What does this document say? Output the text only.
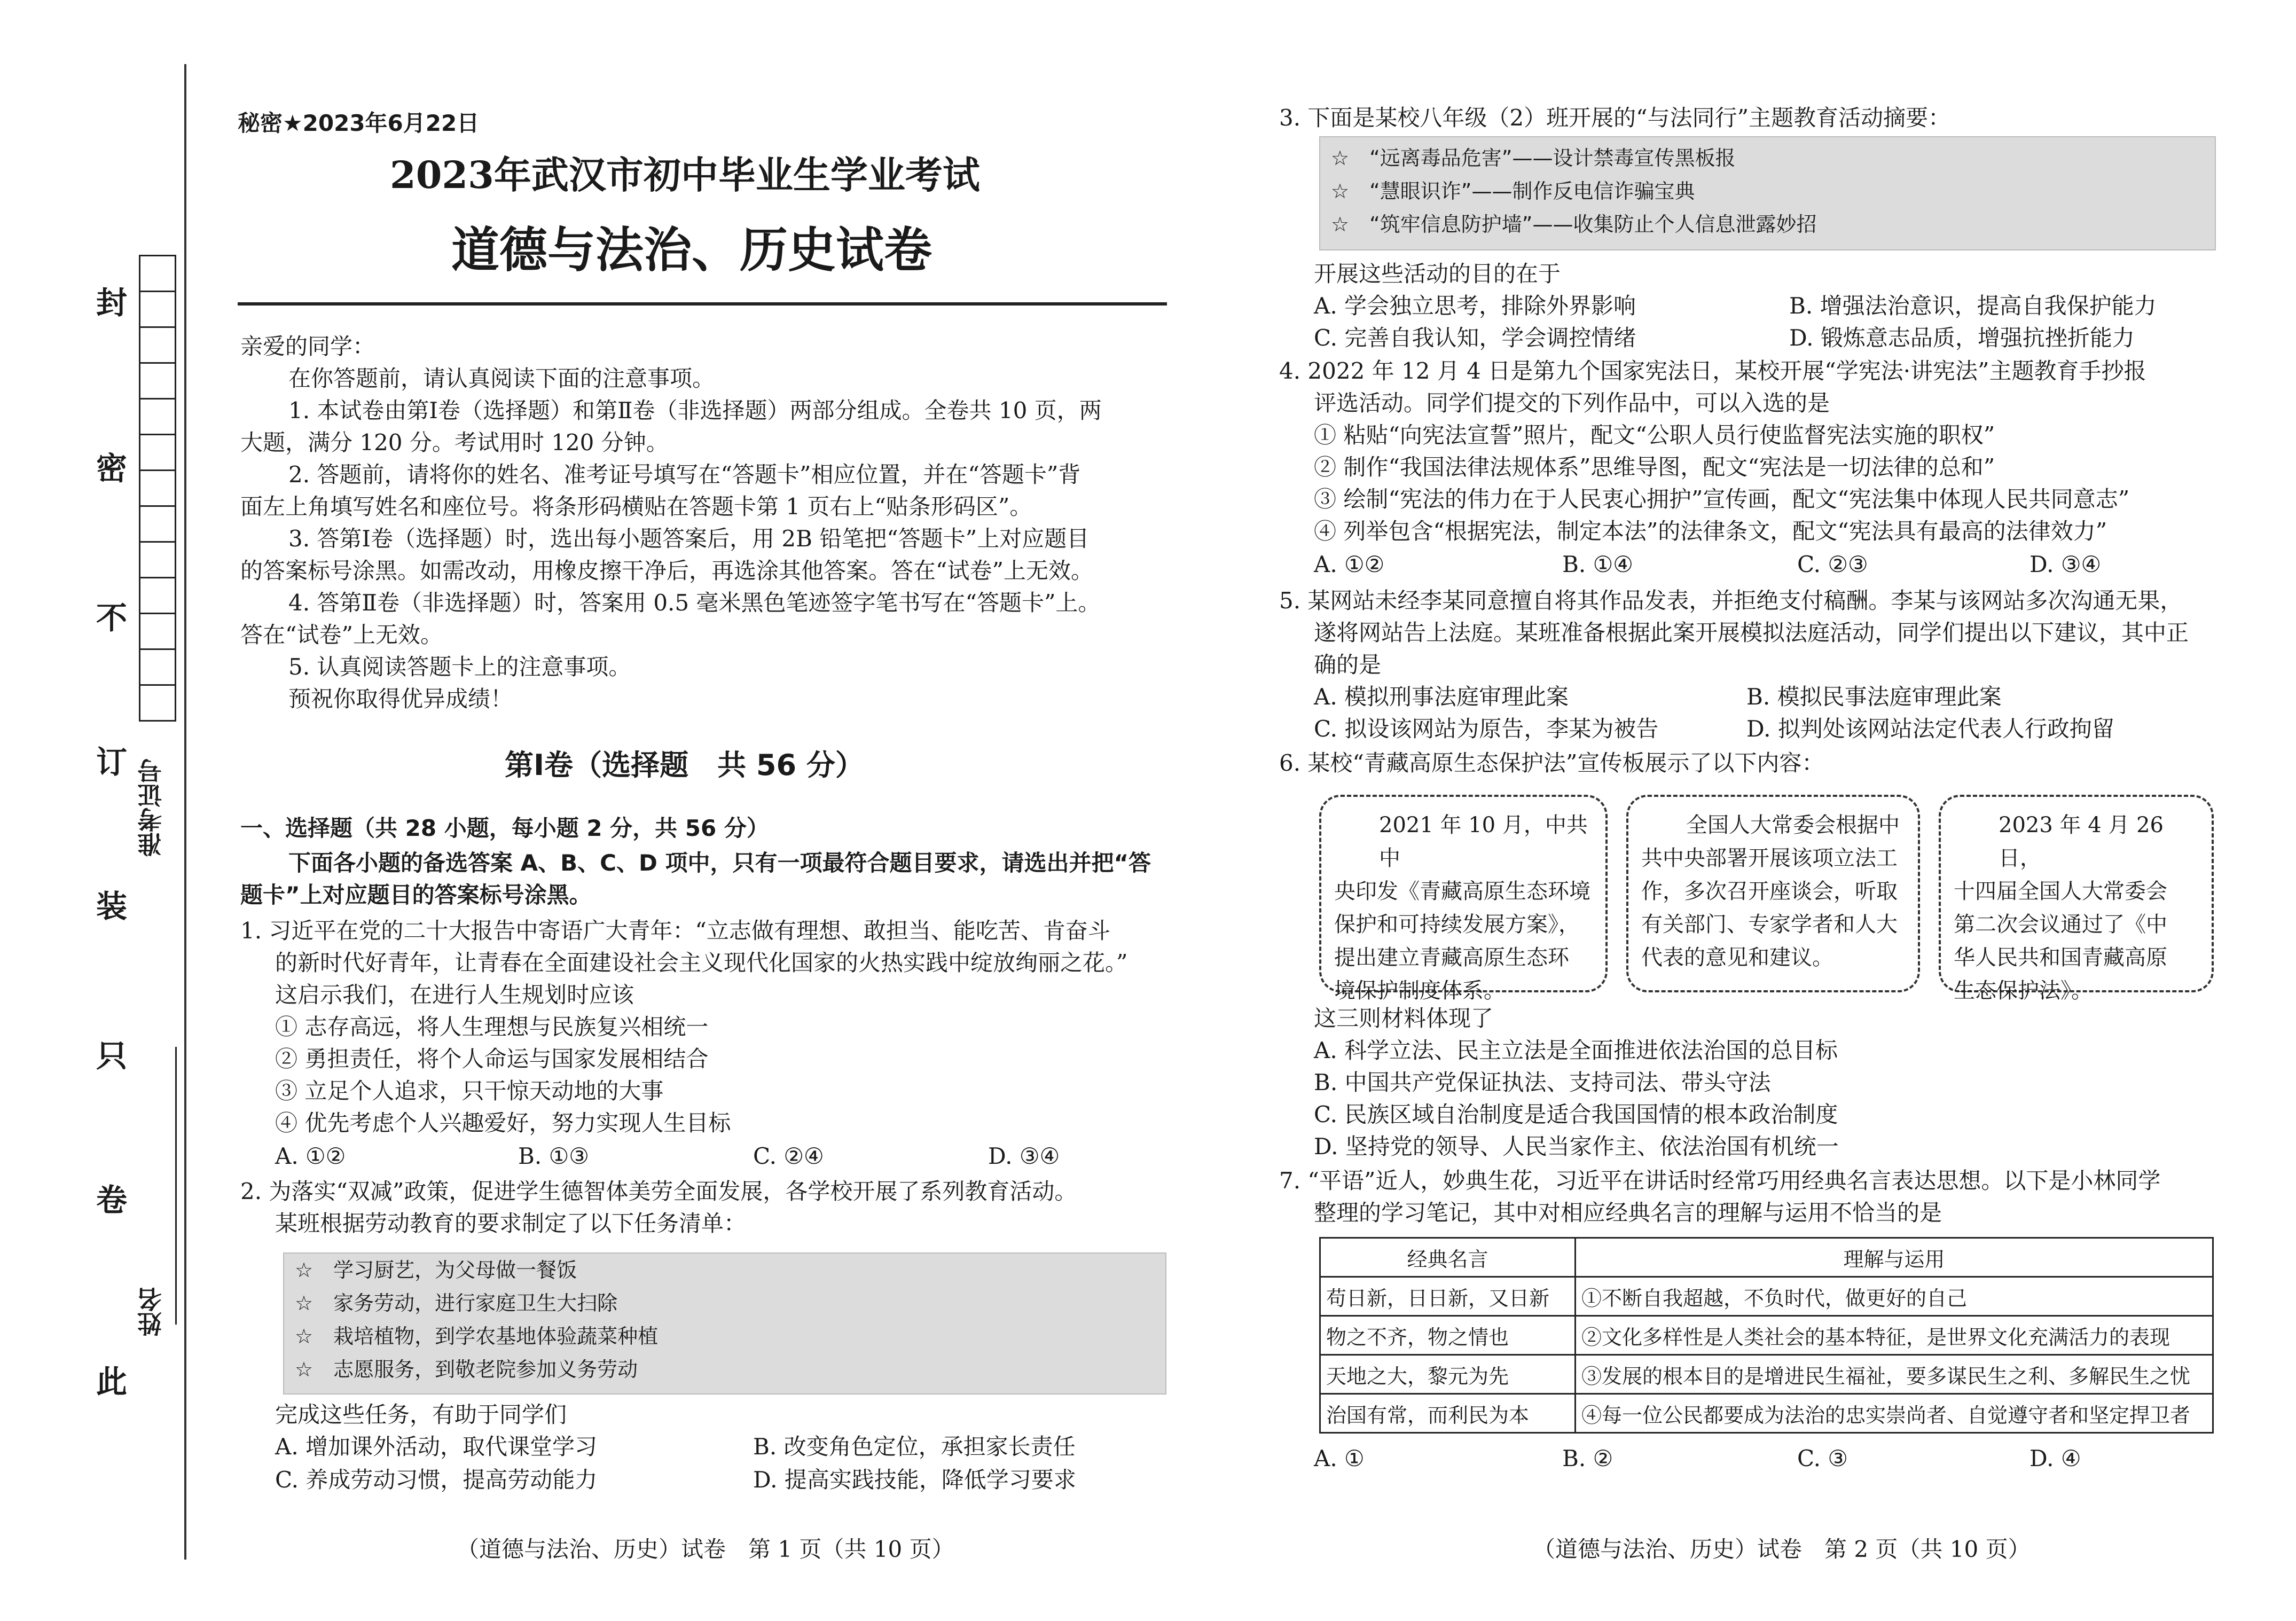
封
密
不
订
装
只
卷
此
准考证号
姓名
秘密★2023年6月22日
2023年武汉市初中毕业生学业考试
道德与法治、历史试卷
亲爱的同学：
在你答题前，请认真阅读下面的注意事项。
1. 本试卷由第Ⅰ卷（选择题）和第Ⅱ卷（非选择题）两部分组成。全卷共 10 页，两
大题，满分 120 分。考试用时 120 分钟。
2. 答题前，请将你的姓名、准考证号填写在“答题卡”相应位置，并在“答题卡”背
面左上角填写姓名和座位号。将条形码横贴在答题卡第 1 页右上“贴条形码区”。
3. 答第Ⅰ卷（选择题）时，选出每小题答案后，用 2B 铅笔把“答题卡”上对应题目
的答案标号涂黑。如需改动，用橡皮擦干净后，再选涂其他答案。答在“试卷”上无效。
4. 答第Ⅱ卷（非选择题）时，答案用 0.5 毫米黑色笔迹签字笔书写在“答题卡”上。
答在“试卷”上无效。
5. 认真阅读答题卡上的注意事项。
预祝你取得优异成绩！
第Ⅰ卷（选择题　共 56 分）
一、选择题（共 28 小题，每小题 2 分，共 56 分）
下面各小题的备选答案 A、B、C、D 项中，只有一项最符合题目要求，请选出并把“答
题卡”上对应题目的答案标号涂黑。
1. 习近平在党的二十大报告中寄语广大青年：“立志做有理想、敢担当、能吃苦、肯奋斗
的新时代好青年，让青春在全面建设社会主义现代化国家的火热实践中绽放绚丽之花。”
这启示我们，在进行人生规划时应该
① 志存高远，将人生理想与民族复兴相统一
② 勇担责任，将个人命运与国家发展相结合
③ 立足个人追求，只干惊天动地的大事
④ 优先考虑个人兴趣爱好，努力实现人生目标
A. ①②	B. ①③	C. ②④	D. ③④
2. 为落实“双减”政策，促进学生德智体美劳全面发展，各学校开展了系列教育活动。
某班根据劳动教育的要求制定了以下任务清单：
☆　学习厨艺，为父母做一餐饭
☆　家务劳动，进行家庭卫生大扫除
☆　栽培植物，到学农基地体验蔬菜种植
☆　志愿服务，到敬老院参加义务劳动
完成这些任务，有助于同学们
A. 增加课外活动，取代课堂学习	B. 改变角色定位，承担家长责任
C. 养成劳动习惯，提高劳动能力	D. 提高实践技能，降低学习要求
（道德与法治、历史）试卷　第 1 页（共 10 页）
3. 下面是某校八年级（2）班开展的“与法同行”主题教育活动摘要：
☆　“远离毒品危害”——设计禁毒宣传黑板报
☆　“慧眼识诈”——制作反电信诈骗宝典
☆　“筑牢信息防护墙”——收集防止个人信息泄露妙招
开展这些活动的目的在于
A. 学会独立思考，排除外界影响	B. 增强法治意识，提高自我保护能力
C. 完善自我认知，学会调控情绪	D. 锻炼意志品质，增强抗挫折能力
4. 2022 年 12 月 4 日是第九个国家宪法日，某校开展“学宪法·讲宪法”主题教育手抄报
评选活动。同学们提交的下列作品中，可以入选的是
① 粘贴“向宪法宣誓”照片，配文“公职人员行使监督宪法实施的职权”
② 制作“我国法律法规体系”思维导图，配文“宪法是一切法律的总和”
③ 绘制“宪法的伟力在于人民衷心拥护”宣传画，配文“宪法集中体现人民共同意志”
④ 列举包含“根据宪法，制定本法”的法律条文，配文“宪法具有最高的法律效力”
A. ①②	B. ①④	C. ②③	D. ③④
5. 某网站未经李某同意擅自将其作品发表，并拒绝支付稿酬。李某与该网站多次沟通无果，
遂将网站告上法庭。某班准备根据此案开展模拟法庭活动，同学们提出以下建议，其中正
确的是
A. 模拟刑事法庭审理此案	B. 模拟民事法庭审理此案
C. 拟设该网站为原告，李某为被告	D. 拟判处该网站法定代表人行政拘留
6. 某校“青藏高原生态保护法”宣传板展示了以下内容：
2021 年 10 月，中共中
央印发《青藏高原生态环境
保护和可持续发展方案》，
提出建立青藏高原生态环
境保护制度体系。
全国人大常委会根据中
共中央部署开展该项立法工
作，多次召开座谈会，听取
有关部门、专家学者和人大
代表的意见和建议。
2023 年 4 月 26 日，
十四届全国人大常委会
第二次会议通过了《中
华人民共和国青藏高原
生态保护法》。
这三则材料体现了
A. 科学立法、民主立法是全面推进依法治国的总目标
B. 中国共产党保证执法、支持司法、带头守法
C. 民族区域自治制度是适合我国国情的根本政治制度
D. 坚持党的领导、人民当家作主、依法治国有机统一
7. “平语”近人，妙典生花，习近平在讲话时经常巧用经典名言表达思想。以下是小林同学
整理的学习笔记，其中对相应经典名言的理解与运用不恰当的是
经典名言	理解与运用
苟日新，日日新，又日新	①不断自我超越，不负时代，做更好的自己
物之不齐，物之情也	②文化多样性是人类社会的基本特征，是世界文化充满活力的表现
天地之大，黎元为先	③发展的根本目的是增进民生福祉，要多谋民生之利、多解民生之忧
治国有常，而利民为本	④每一位公民都要成为法治的忠实崇尚者、自觉遵守者和坚定捍卫者
A. ①	B. ②	C. ③	D. ④
（道德与法治、历史）试卷　第 2 页（共 10 页）
